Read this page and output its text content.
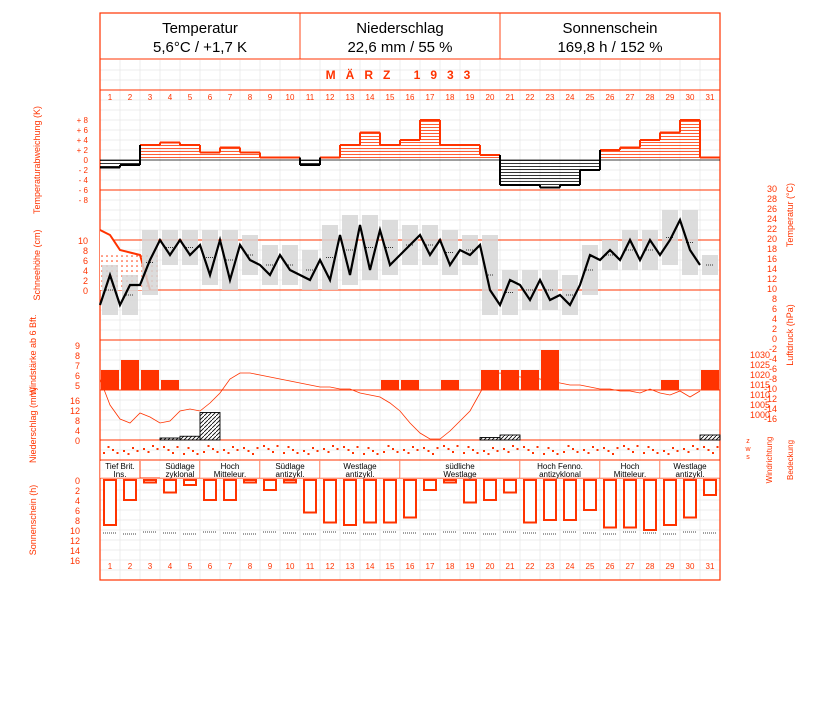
Temperatur
5,6°C / +1,7 K
Niederschlag
22,6 mm / 55 %
Sonnenschein
169,8 h / 152 %
MÄRZ 1933
1
1
2
2
3
3
4
4
5
5
6
6
7
7
8
8
9
9
10
10
11
11
12
12
13
13
14
14
15
15
16
16
17
17
18
18
19
19
20
20
21
21
22
22
23
23
24
24
25
25
26
26
27
27
28
28
29
29
30
30
31
31
+ 8
+ 6
+ 4
+ 2
0
- 2
- 4
- 6
- 8
Temperaturabweichung (K)
10
8
6
4
2
0
Schneehöhe (cm)
30
28
26
24
22
20
18
16
14
12
10
8
6
4
2
0
-2
-4
-6
-8
-10
-12
-14
-16
Temperatur (°C)
1030
1025
1020
1015
1010
1005
1000
Luftdruck (hPa)
9
8
7
6
5
Windstärke ab 6 Bft.
16
12
8
4
0
Niederschlag (mm)	z
w
s Windrichtung Bedeckung
Tief Brit.
Ins.
Südlage
zyklonal
Hoch
Mitteleur.
Südlage
antizykl.
Westlage
antizykl.
südliche
Westlage
Hoch Fenno.
antizyklonal
Hoch
Mitteleur.
Westlage
antizykl.
0
2
4
6
8
10
12
14
16
Sonnenschein (h)
